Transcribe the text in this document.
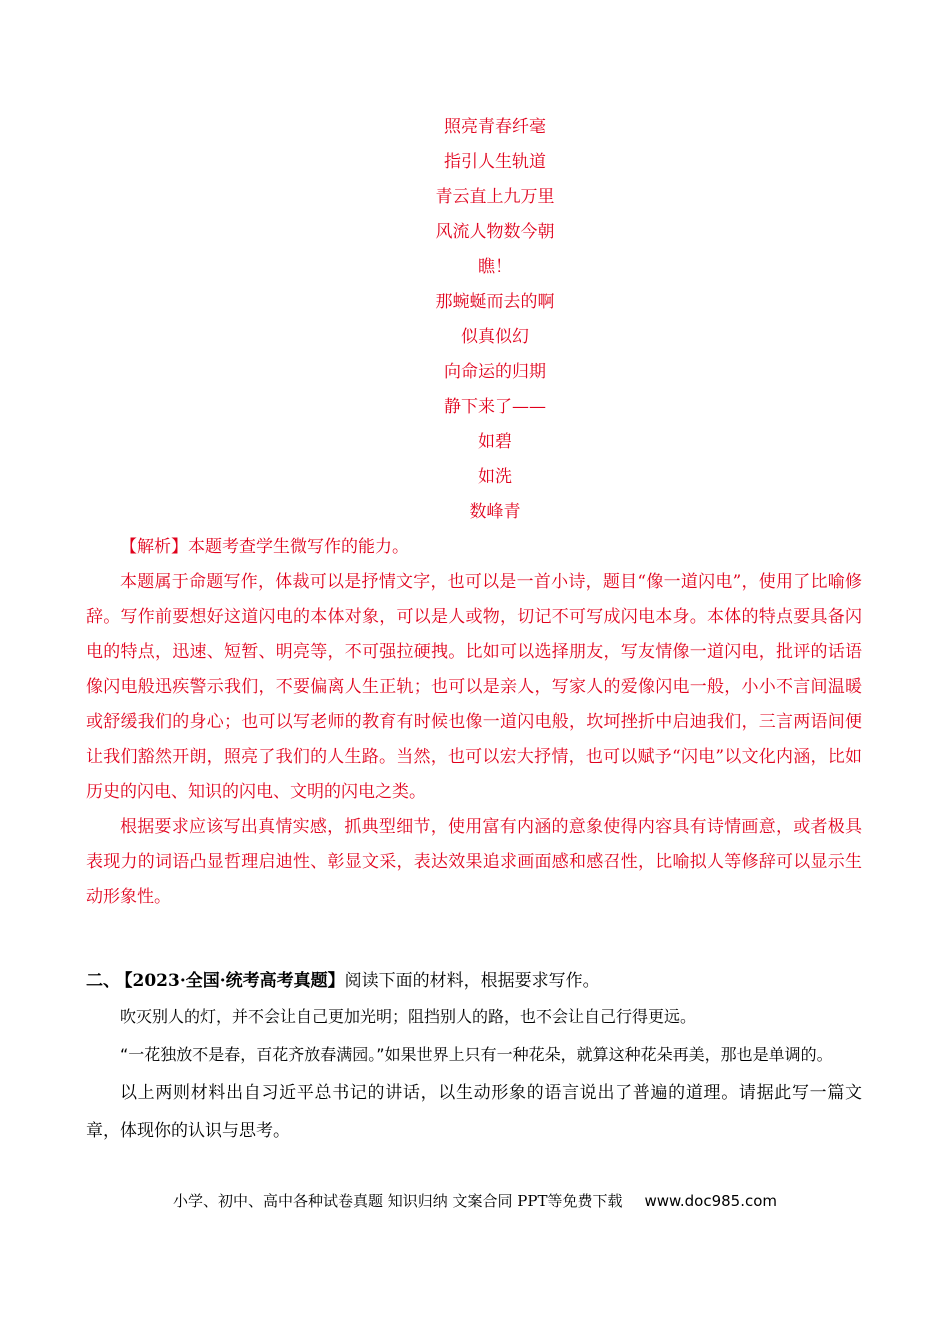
照亮青春纤毫
指引人生轨道
青云直上九万里
风流人物数今朝
瞧！
那蜿蜒而去的啊
似真似幻
向命运的归期
静下来了——
如碧
如洗
数峰青
【解析】本题考查学生微写作的能力。

本题属于命题写作，体裁可以是抒情文字，也可以是一首小诗，题目“像一道闪电”，使用了比喻修辞。写作前要想好这道闪电的本体对象，可以是人或物，切记不可写成闪电本身。本体的特点要具备闪电的特点，迅速、短暂、明亮等，不可强拉硬拽。比如可以选择朋友，写友情像一道闪电，批评的话语像闪电般迅疾警示我们，不要偏离人生正轨；也可以是亲人，写家人的爱像闪电一般，小小不言间温暖或舒缓我们的身心；也可以写老师的教育有时候也像一道闪电般，坎坷挫折中启迪我们，三言两语间便让我们豁然开朗，照亮了我们的人生路。当然，也可以宏大抒情，也可以赋予“闪电”以文化内涵，比如历史的闪电、知识的闪电、文明的闪电之类。

根据要求应该写出真情实感，抓典型细节，使用富有内涵的意象使得内容具有诗情画意，或者极具表现力的词语凸显哲理启迪性、彰显文采，表达效果追求画面感和感召性，比喻拟人等修辞可以显示生动形象性。

二、 【2023·全国·统考高考真题】阅读下面的材料，根据要求写作。

吹灭别人的灯，并不会让自己更加光明；阻挡别人的路，也不会让自己行得更远。

“一花独放不是春，百花齐放春满园。”如果世界上只有一种花朵，就算这种花朵再美，那也是单调的。

以上两则材料出自习近平总书记的讲话，以生动形象的语言说出了普遍的道理。请据此写一篇文章，体现你的认识与思考。

小学、初中、高中各种试卷真题 知识归纳 文案合同 PPT等免费下载 www.doc985.com
